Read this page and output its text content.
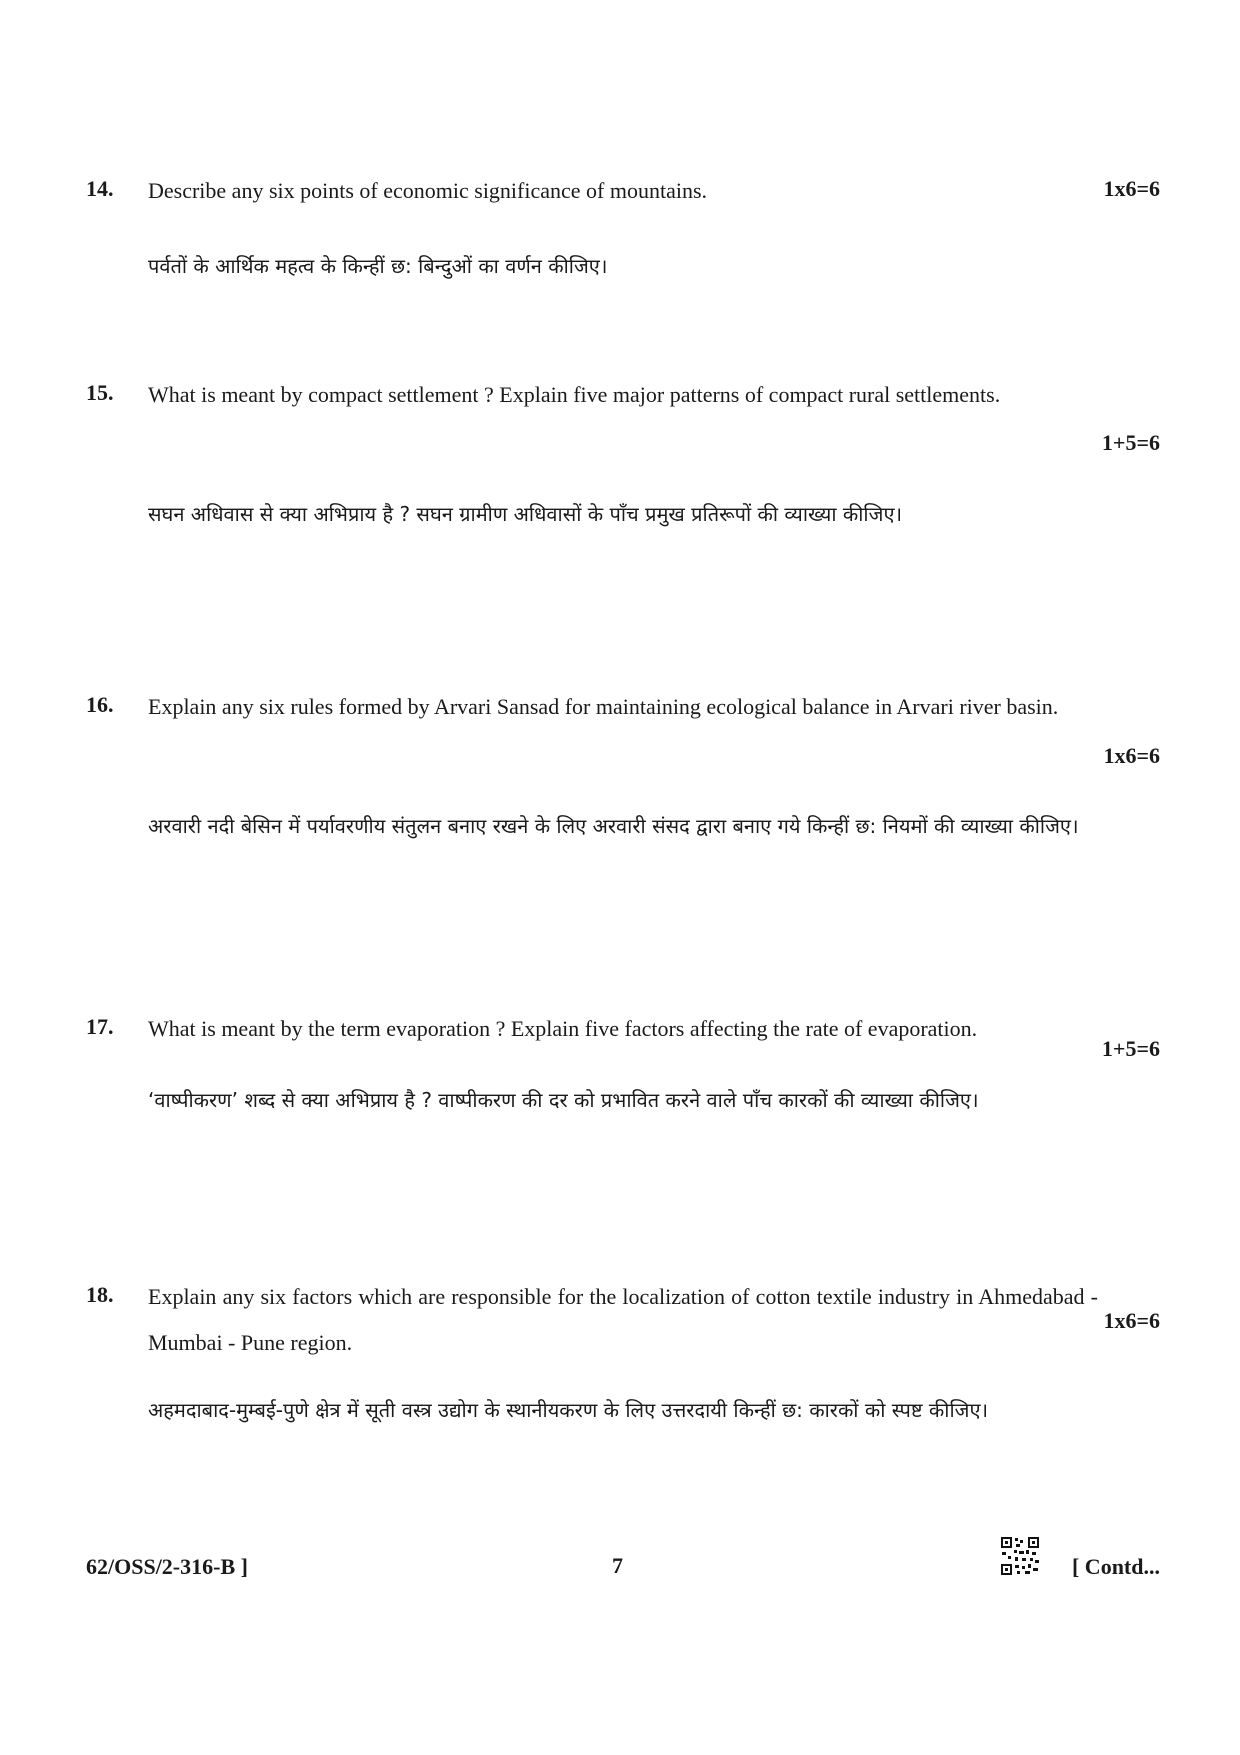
14. Describe any six points of economic significance of mountains.	1x6=6
पर्वतों के आर्थिक महत्व के किन्हीं छ: बिन्दुओं का वर्णन कीजिए।
15. What is meant by compact settlement ? Explain five major patterns of compact rural settlements.
1+5=6
सघन अधिवास से क्या अभिप्राय है ? सघन ग्रामीण अधिवासों के पाँच प्रमुख प्रतिरूपों की व्याख्या कीजिए।
16. Explain any six rules formed by Arvari Sansad for maintaining ecological balance in Arvari river basin.
1x6=6
अरवारी नदी बेसिन में पर्यावरणीय संतुलन बनाए रखने के लिए अरवारी संसद द्वारा बनाए गये किन्हीं छ: नियमों की व्याख्या कीजिए।
17. What is meant by the term evaporation ? Explain five factors affecting the rate of evaporation.
1+5=6
‘वाष्पीकरण’ शब्द से क्या अभिप्राय है ? वाष्पीकरण की दर को प्रभावित करने वाले पाँच कारकों की व्याख्या कीजिए।
18. Explain any six factors which are responsible for the localization of cotton textile industry in Ahmedabad - Mumbai - Pune region.
1x6=6
अहमदाबाद-मुम्बई-पुणे क्षेत्र में सूती वस्त्र उद्योग के स्थानीयकरण के लिए उत्तरदायी किन्हीं छ: कारकों को स्पष्ट कीजिए।
62/OSS/2-316-B ]	7	[ Contd...
